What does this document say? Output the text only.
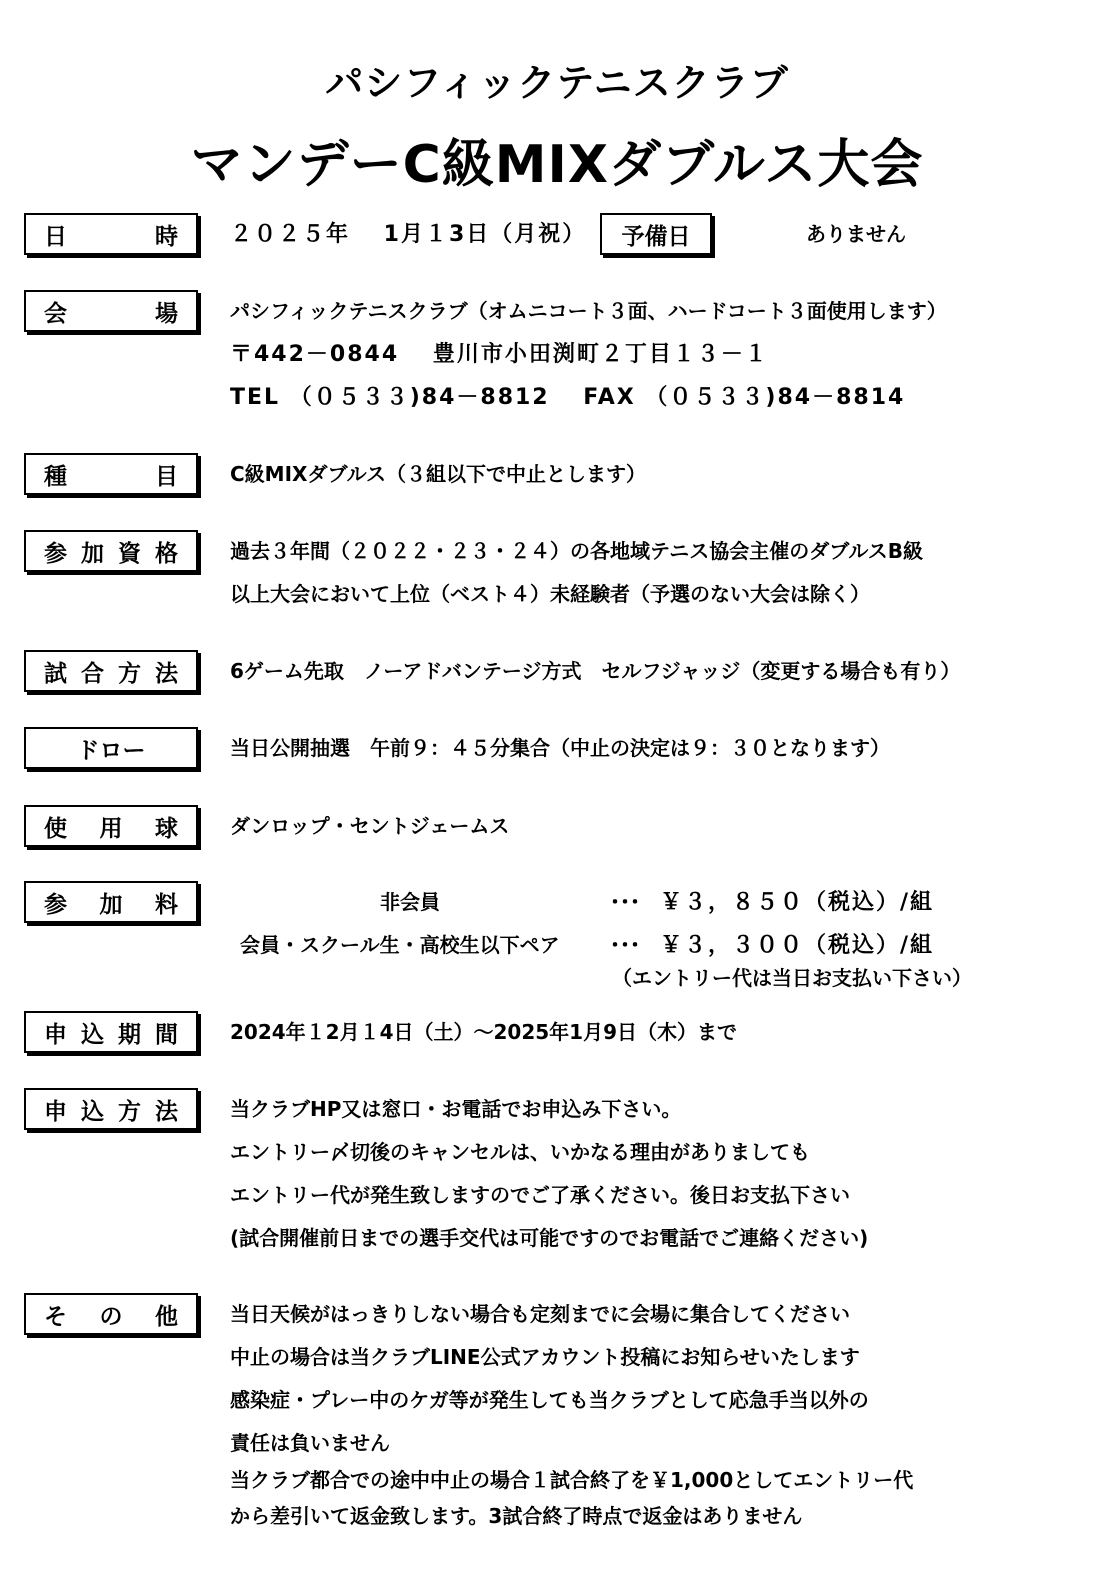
パシフィックテニスクラブ
マンデーC級MIXダブルス大会
日	時 ２０２５年　 1月１3日（月祝） 予備日	ありません
会	場	パシフィックテニスクラブ（オムニコート３面、ハードコート３面使用します）
〒442－0844　 豊川市小田渕町２丁目１３－１
TEL （０５３３)84－8812　 FAX （０５３３)84－8814
種	目	C級MIXダブルス（３組以下で中止とします）
参 加 資 格	過去３年間（２０２２・２３・２４）の各地域テニス協会主催のダブルスB級
以上大会において上位（ベスト４）未経験者（予選のない大会は除く）
試 合 方 法	6ゲーム先取　ノーアドバンテージ方式　セルフジャッジ（変更する場合も有り）
ドロー	当日公開抽選　午前９：４５分集合（中止の決定は９：３０となります）
使 用 球	ダンロップ・セントジェームス
参 加 料	非会員	･･･ ￥３，８５０（税込）/組
会員・スクール生・高校生以下ペア	･･･ ￥３，３００（税込）/組
（エントリー代は当日お支払い下さい）
申 込 期 間	2024年１2月１4日（土）～2025年1月9日（木）まで
申 込 方 法	当クラブHP又は窓口・お電話でお申込み下さい。
エントリー〆切後のキャンセルは、いかなる理由がありましても
エントリー代が発生致しますのでご了承ください。後日お支払下さい
(試合開催前日までの選手交代は可能ですのでお電話でご連絡ください)
そ の 他	当日天候がはっきりしない場合も定刻までに会場に集合してください
中止の場合は当クラブLINE公式アカウント投稿にお知らせいたします
感染症・プレー中のケガ等が発生しても当クラブとして応急手当以外の
責任は負いません
当クラブ都合での途中中止の場合１試合終了を￥1,000としてエントリー代
から差引いて返金致します。3試合終了時点で返金はありません
